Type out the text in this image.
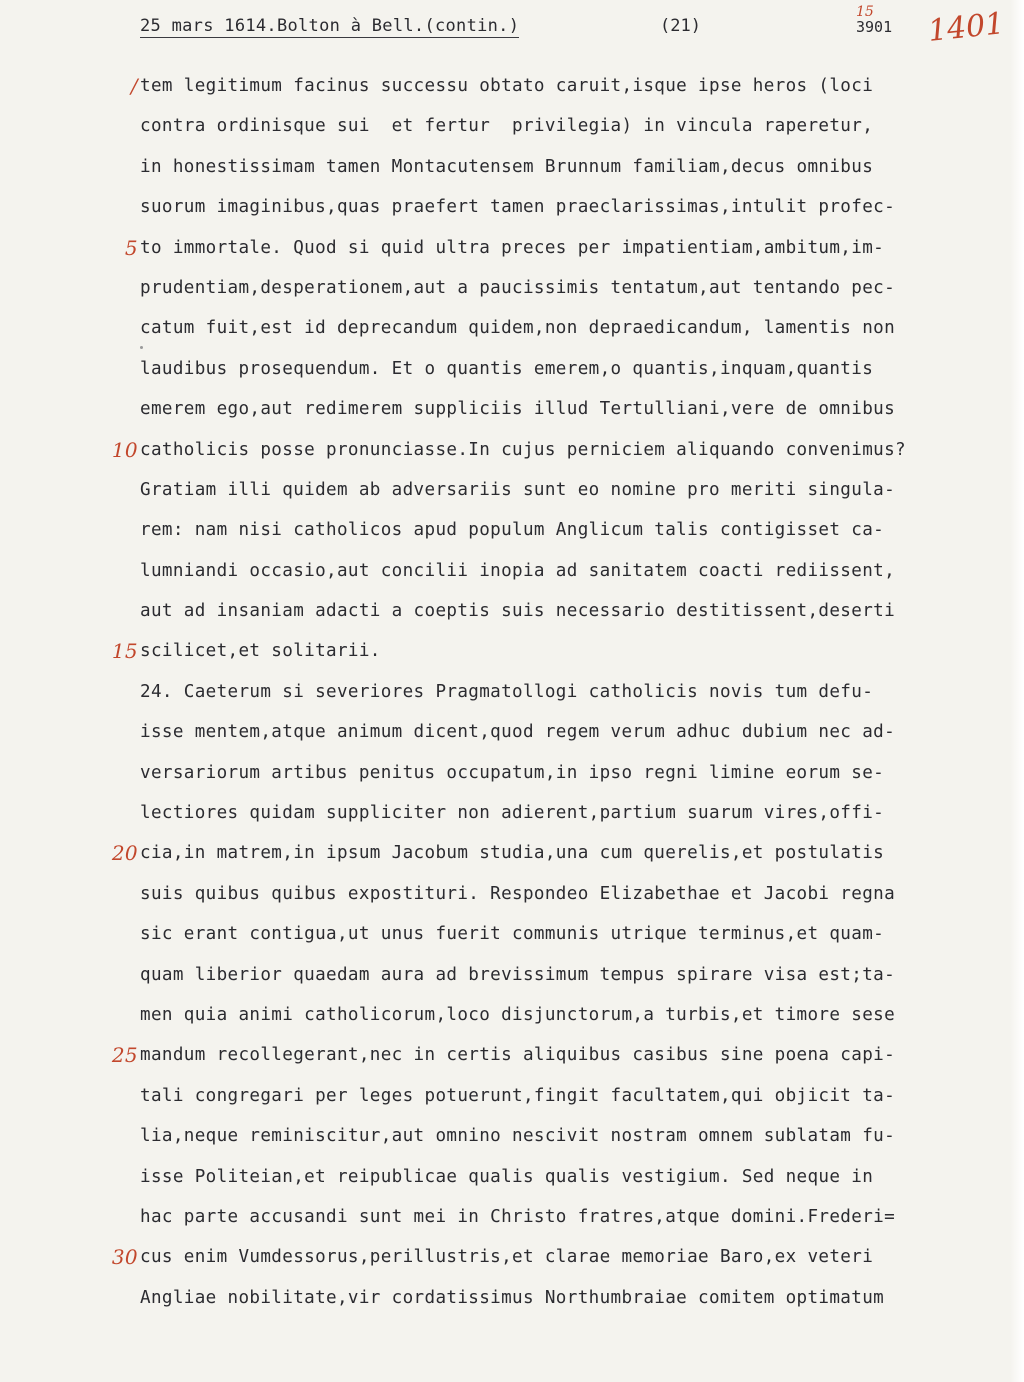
25 mars 1614.Bolton à Bell.(contin.)	(21)
15
3901 1401
/ tem legitimum facinus successu obtato caruit,isque ipse heros (loci
contra ordinisque sui  et fertur  privilegia) in vincula raperetur,
in honestissimam tamen Montacutensem Brunnum familiam,decus omnibus
suorum imaginibus,quas praefert tamen praeclarissimas,intulit profec-
5 to immortale. Quod si quid ultra preces per impatientiam,ambitum,im-
prudentiam,desperationem,aut a paucissimis tentatum,aut tentando pec-
catum fuit,est id deprecandum quidem,non depraedicandum, lamentis non
laudibus prosequendum. Et o quantis emerem,o quantis,inquam,quantis
emerem ego,aut redimerem suppliciis illud Tertulliani,vere de omnibus
10 catholicis posse pronunciasse.In cujus perniciem aliquando convenimus?
Gratiam illi quidem ab adversariis sunt eo nomine pro meriti singula-
rem: nam nisi catholicos apud populum Anglicum talis contigisset ca-
lumniandi occasio,aut concilii inopia ad sanitatem coacti rediissent,
aut ad insaniam adacti a coeptis suis necessario destitissent,deserti
15 scilicet,et solitarii.
24. Caeterum si severiores Pragmatollogi catholicis novis tum defu-
isse mentem,atque animum dicent,quod regem verum adhuc dubium nec ad-
versariorum artibus penitus occupatum,in ipso regni limine eorum se-
lectiores quidam suppliciter non adierent,partium suarum vires,offi-
20 cia,in matrem,in ipsum Jacobum studia,una cum querelis,et postulatis
suis quibus quibus expostituri. Respondeo Elizabethae et Jacobi regna
sic erant contigua,ut unus fuerit communis utrique terminus,et quam-
quam liberior quaedam aura ad brevissimum tempus spirare visa est;ta-
men quia animi catholicorum,loco disjunctorum,a turbis,et timore sese
25 mandum recollegerant,nec in certis aliquibus casibus sine poena capi-
tali congregari per leges potuerunt,fingit facultatem,qui objicit ta-
lia,neque reminiscitur,aut omnino nescivit nostram omnem sublatam fu-
isse Politeian,et reipublicae qualis qualis vestigium. Sed neque in
hac parte accusandi sunt mei in Christo fratres,atque domini.Frederi=
30 cus enim Vumdessorus,perillustris,et clarae memoriae Baro,ex veteri
Angliae nobilitate,vir cordatissimus Northumbraiae comitem optimatum
